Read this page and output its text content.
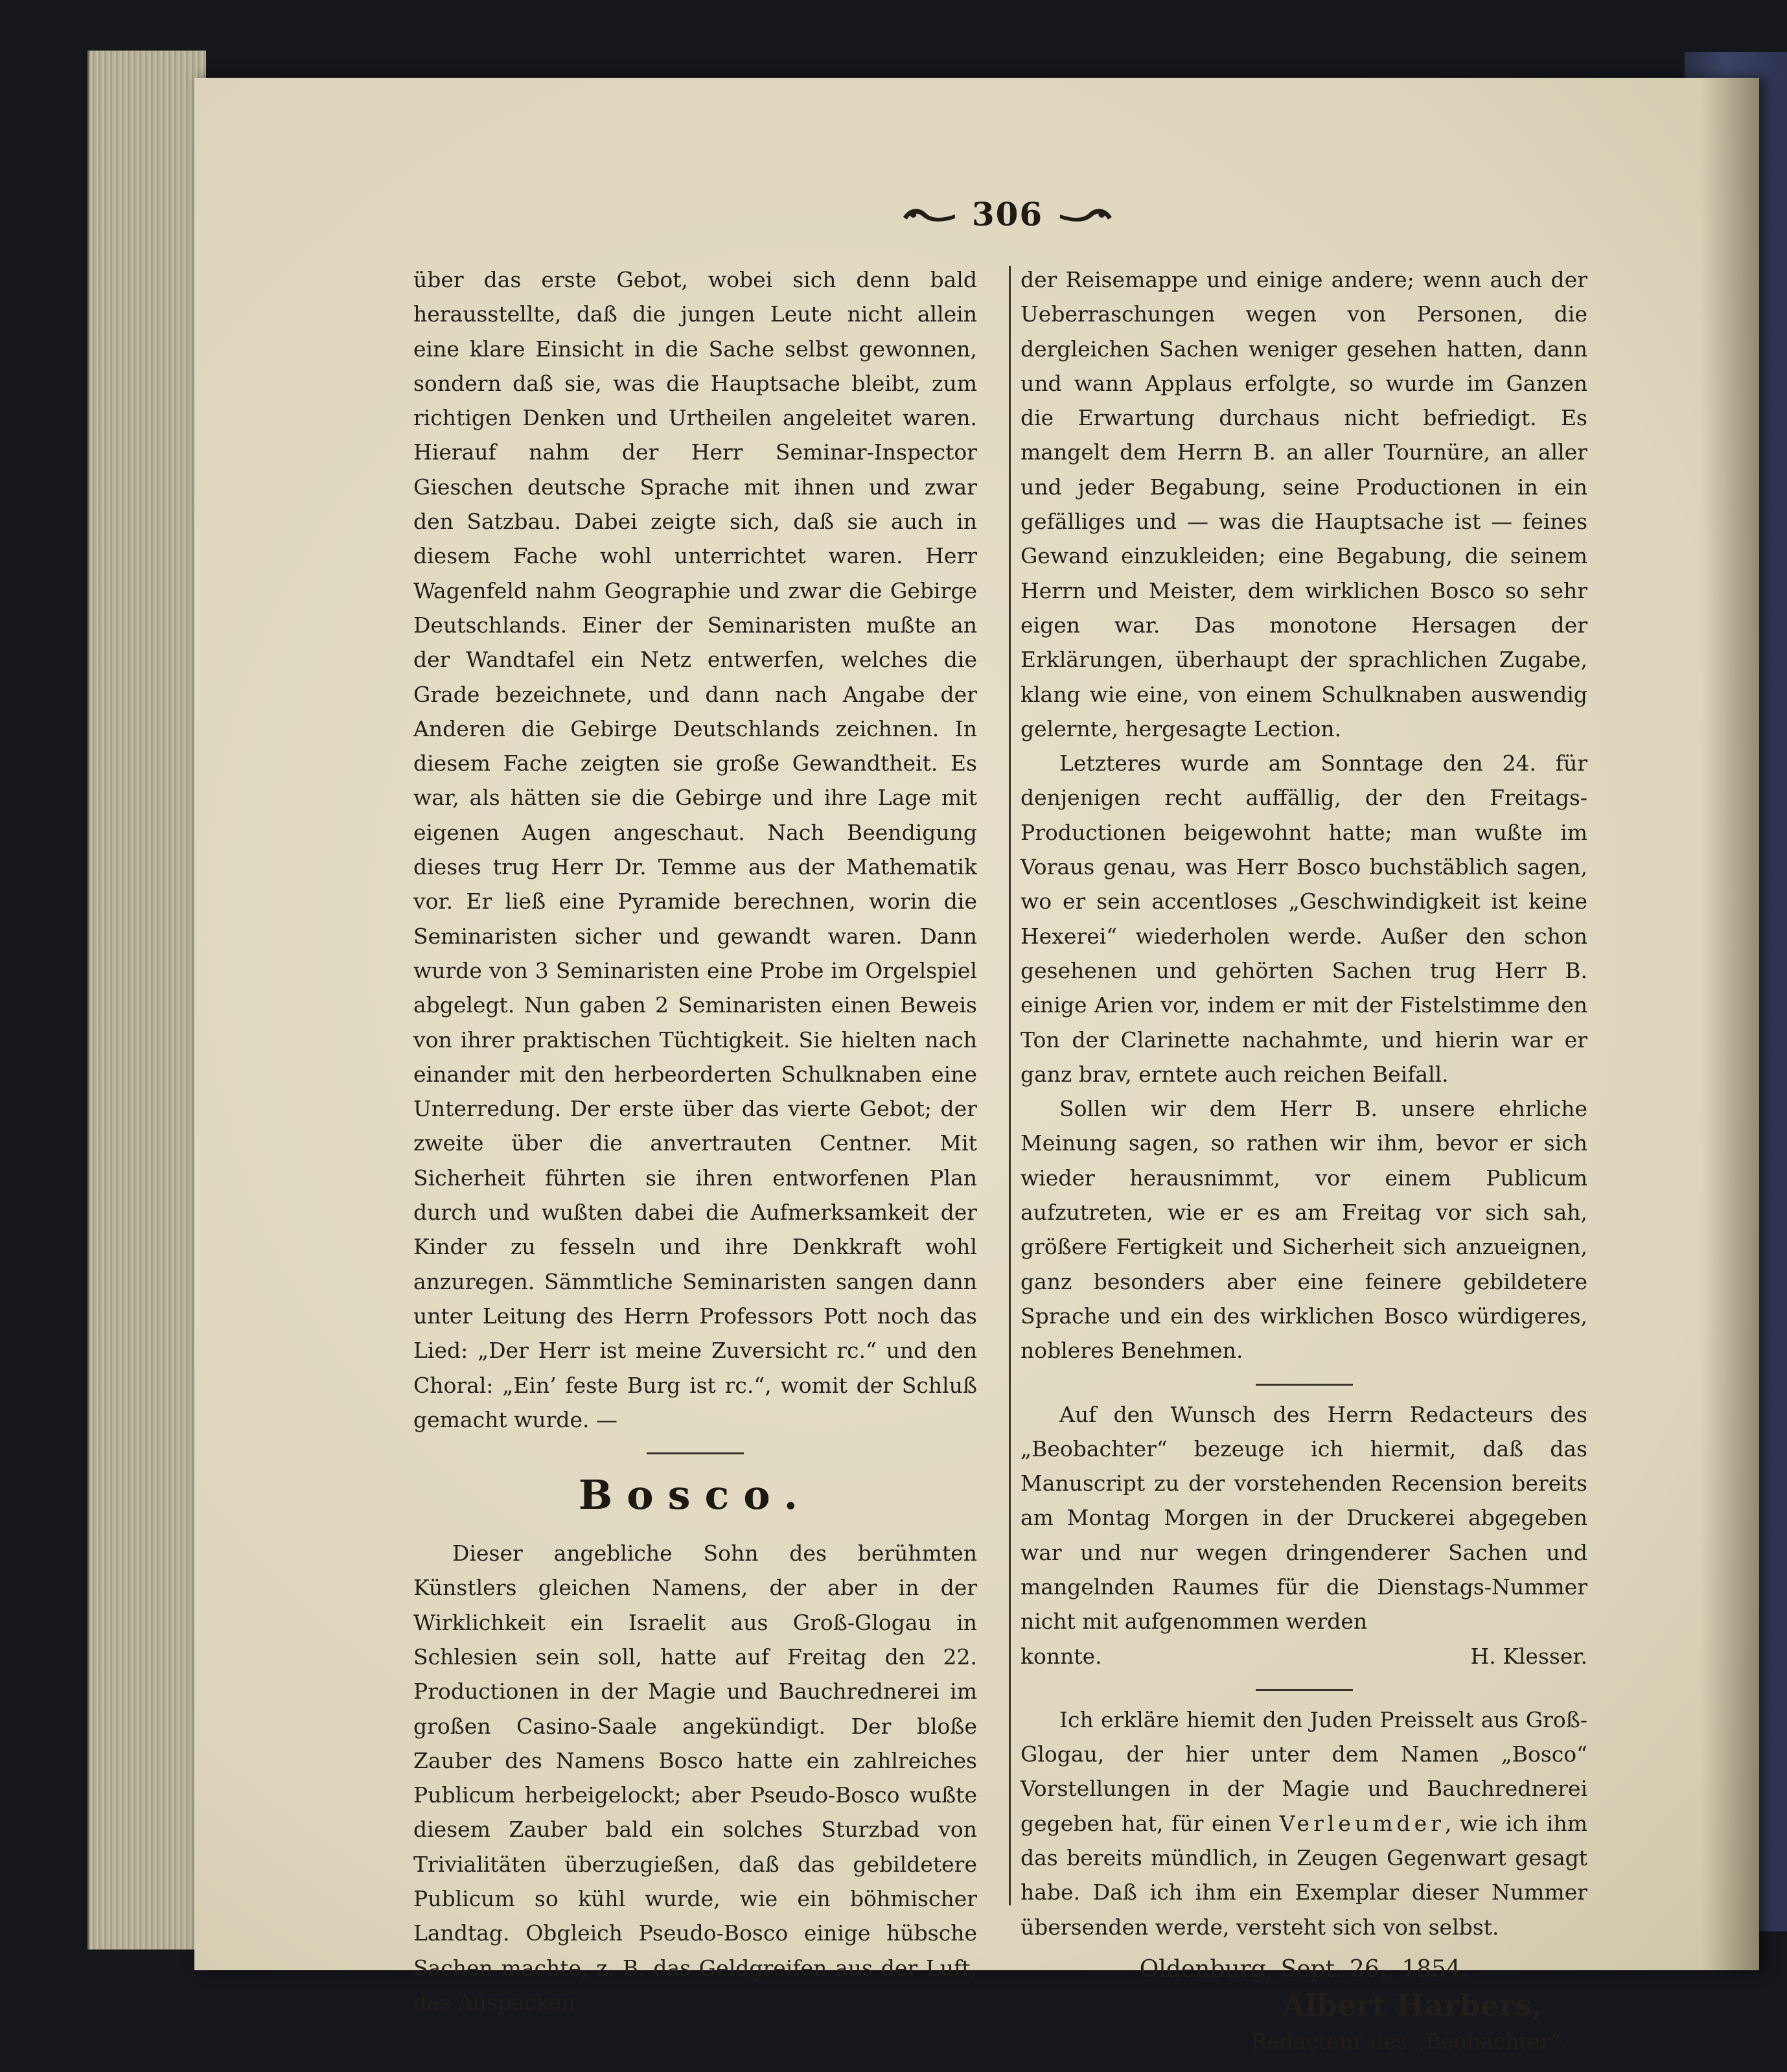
306

über das erste Gebot, wobei sich denn bald herausstellte, daß die jungen Leute nicht allein eine klare Einsicht in die Sache selbst gewonnen, sondern daß sie, was die Hauptsache bleibt, zum richtigen Denken und Urtheilen angeleitet waren. Hierauf nahm der Herr Seminar-Inspector Gieschen deutsche Sprache mit ihnen und zwar den Satzbau. Dabei zeigte sich, daß sie auch in diesem Fache wohl unterrichtet waren. Herr Wagenfeld nahm Geographie und zwar die Gebirge Deutschlands. Einer der Seminaristen mußte an der Wandtafel ein Netz entwerfen, welches die Grade bezeichnete, und dann nach Angabe der Anderen die Gebirge Deutschlands zeichnen. In diesem Fache zeigten sie große Gewandtheit. Es war, als hätten sie die Gebirge und ihre Lage mit eigenen Augen angeschaut. Nach Beendigung dieses trug Herr Dr. Temme aus der Mathematik vor. Er ließ eine Pyramide berechnen, worin die Seminaristen sicher und gewandt waren. Dann wurde von 3 Seminaristen eine Probe im Orgelspiel abgelegt. Nun gaben 2 Seminaristen einen Beweis von ihrer praktischen Tüchtigkeit. Sie hielten nach einander mit den herbeorderten Schulknaben eine Unterredung. Der erste über das vierte Gebot; der zweite über die anvertrauten Centner. Mit Sicherheit führten sie ihren entworfenen Plan durch und wußten dabei die Aufmerksamkeit der Kinder zu fesseln und ihre Denkkraft wohl anzuregen. Sämmtliche Seminaristen sangen dann unter Leitung des Herrn Professors Pott noch das Lied: „Der Herr ist meine Zuversicht rc.“ und den Choral: „Ein’ feste Burg ist rc.“, womit der Schluß gemacht wurde. —

Bosco.

Dieser angebliche Sohn des berühmten Künstlers gleichen Namens, der aber in der Wirklichkeit ein Israelit aus Groß-Glogau in Schlesien sein soll, hatte auf Freitag den 22. Productionen in der Magie und Bauchrednerei im großen Casino-Saale angekündigt. Der bloße Zauber des Namens Bosco hatte ein zahlreiches Publicum herbeigelockt; aber Pseudo-Bosco wußte diesem Zauber bald ein solches Sturzbad von Trivialitäten überzugießen, daß das gebildetere Publicum so kühl wurde, wie ein böhmischer Landtag. Obgleich Pseudo-Bosco einige hübsche Sachen machte, z. B. das Geldgreifen aus der Luft, das Auspacken

der Reisemappe und einige andere; wenn auch der Ueberraschungen wegen von Personen, die dergleichen Sachen weniger gesehen hatten, dann und wann Applaus erfolgte, so wurde im Ganzen die Erwartung durchaus nicht befriedigt. Es mangelt dem Herrn B. an aller Tournüre, an aller und jeder Begabung, seine Productionen in ein gefälliges und — was die Hauptsache ist — feines Gewand einzukleiden; eine Begabung, die seinem Herrn und Meister, dem wirklichen Bosco so sehr eigen war. Das monotone Hersagen der Erklärungen, überhaupt der sprachlichen Zugabe, klang wie eine, von einem Schulknaben auswendig gelernte, hergesagte Lection.

Letzteres wurde am Sonntage den 24. für denjenigen recht auffällig, der den Freitags-Productionen beigewohnt hatte; man wußte im Voraus genau, was Herr Bosco buchstäblich sagen, wo er sein accentloses „Geschwindigkeit ist keine Hexerei“ wiederholen werde. Außer den schon gesehenen und gehörten Sachen trug Herr B. einige Arien vor, indem er mit der Fistelstimme den Ton der Clarinette nachahmte, und hierin war er ganz brav, erntete auch reichen Beifall.

Sollen wir dem Herr B. unsere ehrliche Meinung sagen, so rathen wir ihm, bevor er sich wieder herausnimmt, vor einem Publicum aufzutreten, wie er es am Freitag vor sich sah, größere Fertigkeit und Sicherheit sich anzueignen, ganz besonders aber eine feinere gebildetere Sprache und ein des wirklichen Bosco würdigeres, nobleres Benehmen.

Auf den Wunsch des Herrn Redacteurs des „Beobachter“ bezeuge ich hiermit, daß das Manuscript zu der vorstehenden Recension bereits am Montag Morgen in der Druckerei abgegeben war und nur wegen dringenderer Sachen und mangelnden Raumes für die Dienstags-Nummer nicht mit aufgenommen werden

konnte.	H. Klesser.

Ich erkläre hiemit den Juden Preisselt aus Groß-Glogau, der hier unter dem Namen „Bosco“ Vorstellungen in der Magie und Bauchrednerei gegeben hat, für einen Verleumder, wie ich ihm das bereits mündlich, in Zeugen Gegenwart gesagt habe. Daß ich ihm ein Exemplar dieser Nummer übersenden werde, versteht sich von selbst.

Oldenburg, Sept. 26., 1854.
Albert Harbers,
Redacteur des „Beobachter“.
